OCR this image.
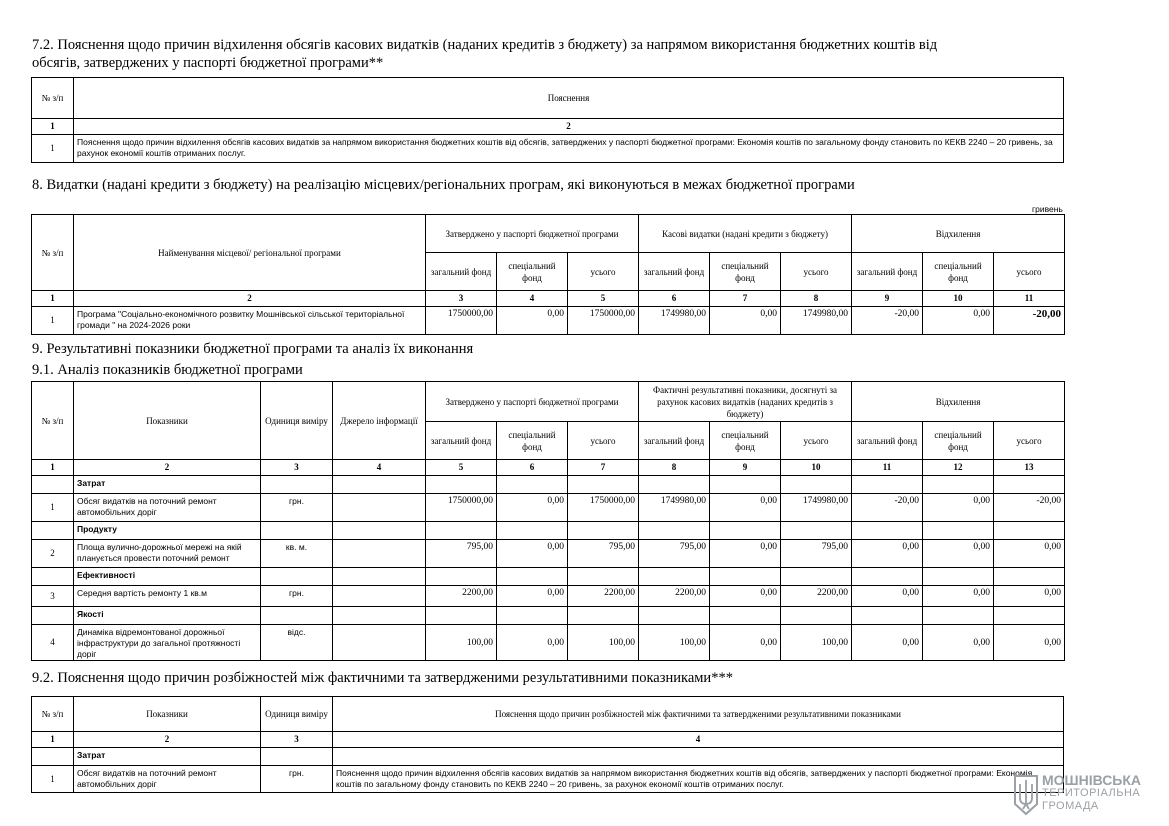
7.2. Пояснення щодо причин відхилення обсягів касових видатків (наданих кредитів з бюджету) за напрямом використання бюджетних коштів від
обсягів, затверджених у паспорті бюджетної програми**
№ з/п	Пояснення
1	2
1	Пояснення щодо причин відхилення обсягів касових видатків за напрямом використання бюджетних коштів від обсягів, затверджених у паспорті бюджетної програми: Економія коштів по загальному фонду становить по КЕКВ 2240 – 20 гривень, за рахунок економії коштів отриманих послуг.
8. Видатки (надані кредити з бюджету) на реалізацію місцевих/регіональних програм, які виконуються в межах бюджетної програми
гривень
№ з/п	Найменування місцевої/ регіональної програми	Затверджено у паспорті бюджетної програми			Касові видатки (надані кредити з бюджету)			Відхилення		
		загальний фонд	спеціальний фонд	усього	загальний фонд	спеціальний фонд	усього	загальний фонд	спеціальний фонд	усього
1	2	3	4	5	6	7	8	9	10	11
1	Програма "Соціально-економічного розвитку Мошнівської сільської територіальної громади " на 2024-2026 роки	1750000,00	0,00	1750000,00	1749980,00	0,00	1749980,00	-20,00	0,00	-20,00
9. Результативні показники бюджетної програми та аналіз їх виконання
9.1. Аналіз показників бюджетної програми
№ з/п	Показники	Одиниця виміру	Джерело інформації	Затверджено у паспорті бюджетної програми			Фактичні результативні показники, досягнуті за рахунок касових видатків (наданих кредитів з бюджету)			Відхилення		
				загальний фонд	спеціальний фонд	усього	загальний фонд	спеціальний фонд	усього	загальний фонд	спеціальний фонд	усього
1	2	3	4	5	6	7	8	9	10	11	12	13
	Затрат											
1	Обсяг видатків на поточний ремонт автомобільних доріг	грн.		1750000,00	0,00	1750000,00	1749980,00	0,00	1749980,00	-20,00	0,00	-20,00
	Продукту											
2	Площа вулично-дорожньої мережі на якій планується провести поточний ремонт	кв. м.		795,00	0,00	795,00	795,00	0,00	795,00	0,00	0,00	0,00
	Ефективності											
3	Середня вартість ремонту 1 кв.м	грн.		2200,00	0,00	2200,00	2200,00	0,00	2200,00	0,00	0,00	0,00
	Якості											
4	Динаміка відремонтованої дорожньої інфраструктури до загальної протяжності доріг	відс.		100,00	0,00	100,00	100,00	0,00	100,00	0,00	0,00	0,00
9.2. Пояснення щодо причин розбіжностей між фактичними та затвердженими результативними показниками***
№ з/п	Показники	Одиниця виміру	Пояснення щодо причин розбіжностей між фактичними та затвердженими результативними показниками
1	2	3	4
	Затрат		
1	Обсяг видатків на поточний ремонт автомобільних доріг	грн.	Пояснення щодо причин відхилення обсягів касових видатків за напрямом використання бюджетних коштів від обсягів, затверджених у паспорті бюджетної програми: Економія коштів по загальному фонду становить по КЕКВ 2240 – 20 гривень, за рахунок економії коштів отриманих послуг.	МОШНІВСЬКА
ТЕРИТОРІАЛЬНА
ГРОМАДА
